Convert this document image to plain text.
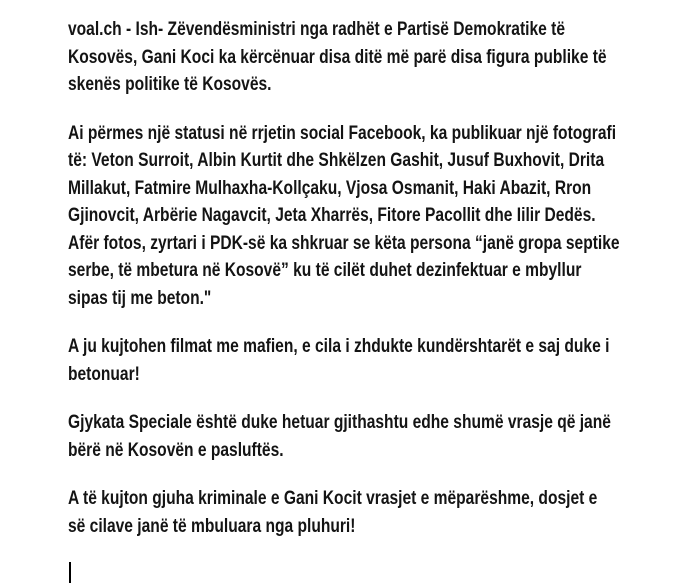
voal.ch - Ish- Zëvendësministri nga radhët e Partisë Demokratike të
Kosovës, Gani Koci ka kërcënuar disa ditë më parë disa figura publike të
skenës politike të Kosovës.
Ai përmes një statusi në rrjetin social Facebook, ka publikuar një fotografi
të: Veton Surroit, Albin Kurtit dhe Shkëlzen Gashit, Jusuf Buxhovit, Drita
Millakut, Fatmire Mulhaxha-Kollçaku, Vjosa Osmanit, Haki Abazit, Rron
Gjinovcit, Arbërie Nagavcit, Jeta Xharrës, Fitore Pacollit dhe Iilir Dedës.
Afër fotos, zyrtari i PDK-së ka shkruar se këta persona “janë gropa septike
serbe, të mbetura në Kosovë” ku të cilët duhet dezinfektuar e mbyllur
sipas tij me beton."
A ju kujtohen filmat me mafien, e cila i zhdukte kundërshtarët e saj duke i
betonuar!
Gjykata Speciale është duke hetuar gjithashtu edhe shumë vrasje që janë
bërë në Kosovën e pasluftës.
A të kujton gjuha kriminale e Gani Kocit vrasjet e mëparëshme, dosjet e
së cilave janë të mbuluara nga pluhuri!
